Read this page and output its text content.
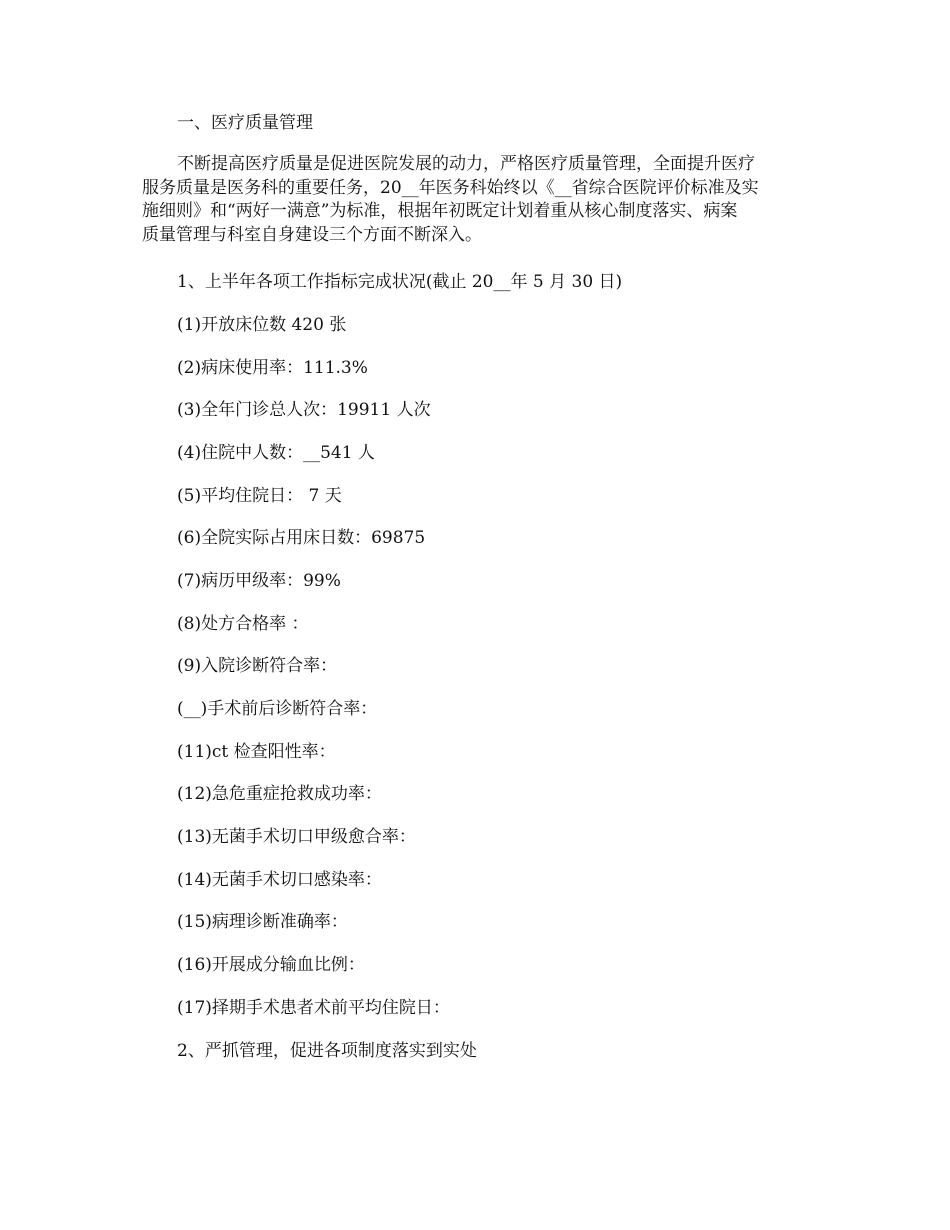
一、医疗质量管理
不断提高医疗质量是促进医院发展的动力，严格医疗质量管理，全面提升医疗
服务质量是医务科的重要任务，20__年医务科始终以《__省综合医院评价标准及实
施细则》和“两好一满意”为标准，根据年初既定计划着重从核心制度落实、病案
质量管理与科室自身建设三个方面不断深入。
1、上半年各项工作指标完成状况(截止 20__年 5 月 30 日)
(1)开放床位数 420 张
(2)病床使用率：111.3%
(3)全年门诊总人次：19911 人次
(4)住院中人数：__541 人
(5)平均住院日： 7 天
(6)全院实际占用床日数：69875
(7)病历甲级率：99%
(8)处方合格率 ：
(9)入院诊断符合率：
(__)手术前后诊断符合率：
(11)ct 检查阳性率：
(12)急危重症抢救成功率：
(13)无菌手术切口甲级愈合率：
(14)无菌手术切口感染率：
(15)病理诊断准确率：
(16)开展成分输血比例：
(17)择期手术患者术前平均住院日：
2、严抓管理，促进各项制度落实到实处
